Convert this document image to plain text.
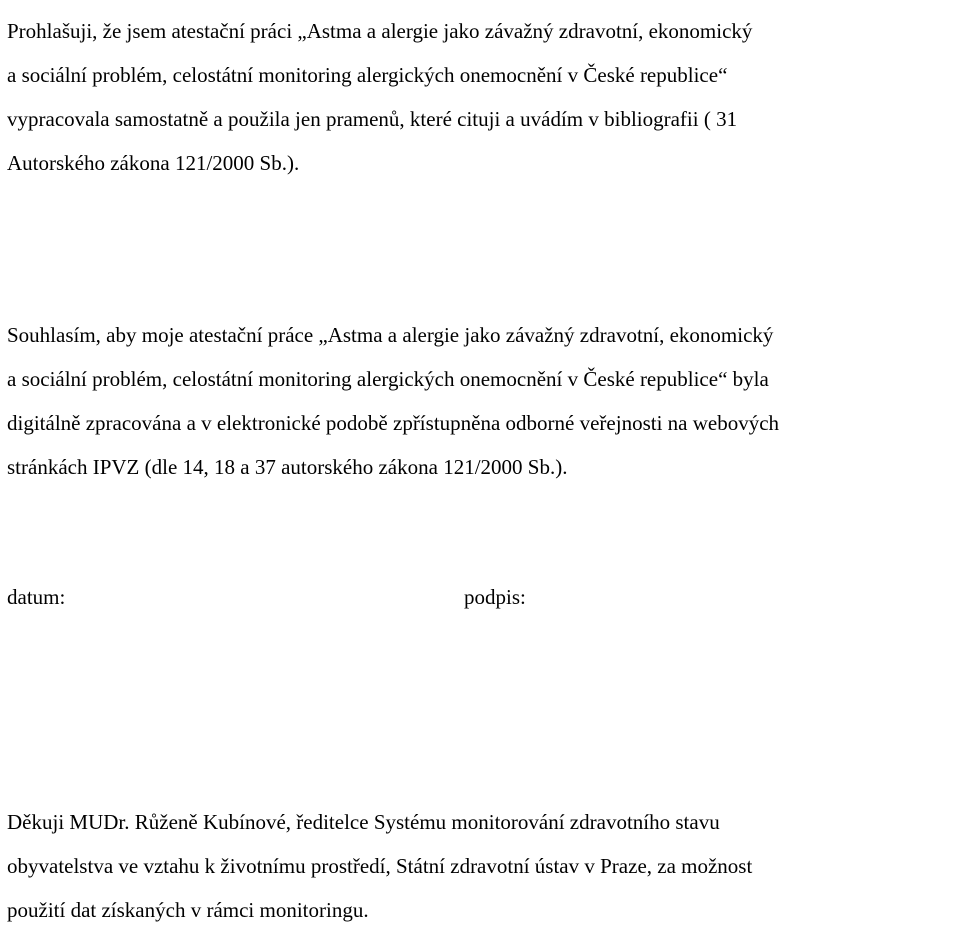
Prohlašuji, že jsem atestační práci „Astma a alergie jako závažný zdravotní, ekonomický
a sociální problém, celostátní monitoring alergických onemocnění v České republice“
vypracovala samostatně a použila jen pramenů, které cituji a uvádím v bibliografii ( 31
Autorského zákona 121/2000 Sb.).

Souhlasím, aby moje atestační práce „Astma a alergie jako závažný zdravotní, ekonomický
a sociální problém, celostátní monitoring alergických onemocnění v České republice“ byla
digitálně zpracována a v elektronické podobě zpřístupněna odborné veřejnosti na webových
stránkách IPVZ (dle 14, 18 a 37 autorského zákona 121/2000 Sb.).

datum:	podpis:

Děkuji MUDr. Růženě Kubínové, ředitelce Systému monitorování zdravotního stavu
obyvatelstva ve vztahu k životnímu prostředí, Státní zdravotní ústav v Praze, za možnost
použití dat získaných v rámci monitoringu.
